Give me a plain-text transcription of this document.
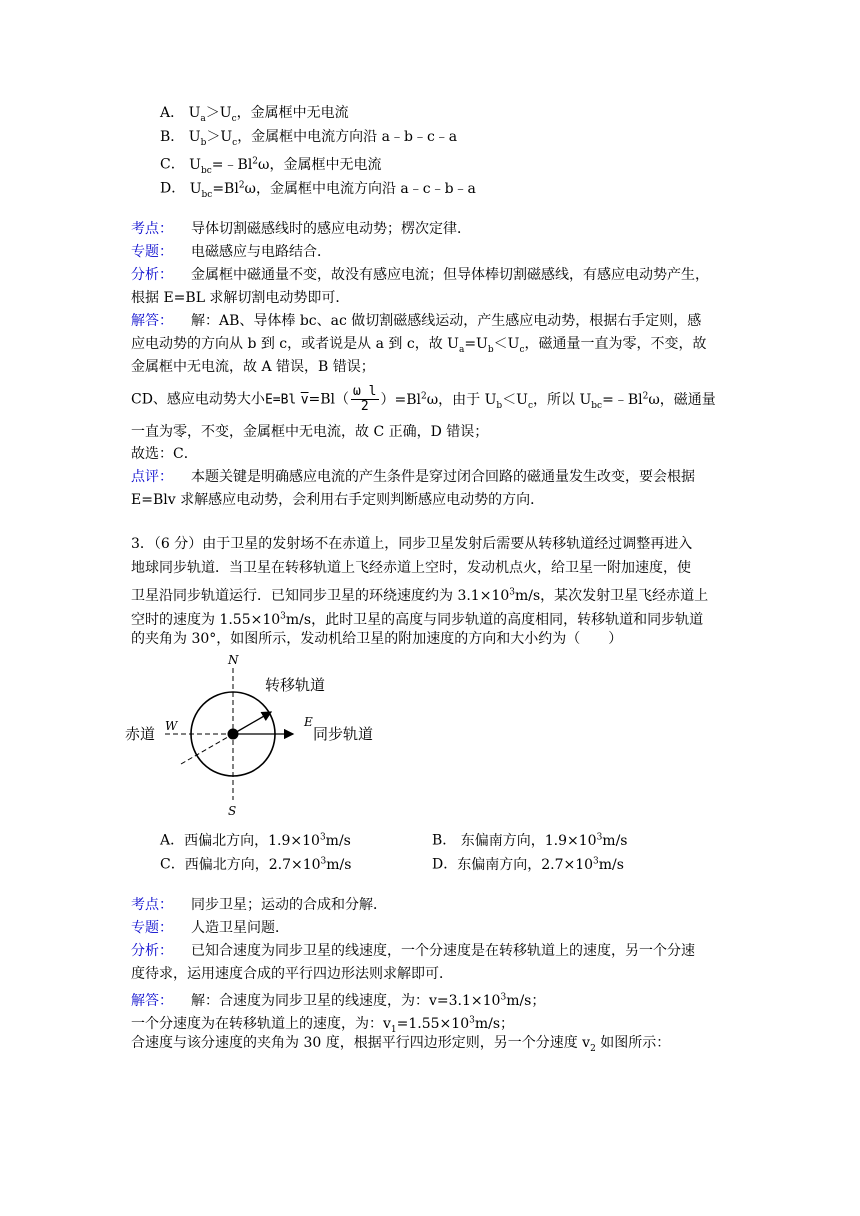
A． $U_a>U_c$，金属框中无电流
B． $U_b>U_c$，金属框中电流方向沿 a﹣b﹣c﹣a
C． $U_{bc}=﹣Bl^2\omega$，金属框中无电流
D． $U_{bc}=Bl^2\omega$，金属框中电流方向沿 a﹣c﹣b﹣a
考点： 导体切割磁感线时的感应电动势；楞次定律．
专题： 电磁感应与电路结合．
分析： 金属框中磁通量不变，故没有感应电流；但导体棒切割磁感线，有感应电动势产生，
根据 E=BL 求解切割电动势即可．
解答： 解：AB、导体棒 bc、ac 做切割磁感线运动，产生感应电动势，根据右手定则，感
应电动势的方向从 b 到 c，或者说是从 a 到 c，故 $U_a=U_b<U_c$，磁通量一直为零，不变，故
金属框中无电流，故 A 错误，B 错误；
CD、感应电动势大小E=Bl $\overline{v}=Bl( \frac{\text{ω l}}{2} )=Bl^2\omega$，由于 $U_b<U_c$，所以 $U_{bc}=﹣Bl^2\omega$，磁通量
一直为零，不变，金属框中无电流，故 C 正确，D 错误；
故选：C．
点评： 本题关键是明确感应电流的产生条件是穿过闭合回路的磁通量发生改变，要会根据
E=Blv 求解感应电动势，会利用右手定则判断感应电动势的方向．
3．（6 分）由于卫星的发射场不在赤道上，同步卫星发射后需要从转移轨道经过调整再进入
地球同步轨道．当卫星在转移轨道上飞经赤道上空时，发动机点火，给卫星一附加速度，使
卫星沿同步轨道运行．已知同步卫星的环绕速度约为 $3.1\times 10^3m/s$，某次发射卫星飞经赤道上
空时的速度为 $1.55\times 10^3m/s$，此时卫星的高度与同步轨道的高度相同，转移轨道和同步轨道
的夹角为 30°，如图所示，发动机给卫星的附加速度的方向和大小约为（　　）
N
S
W	E
转移轨道
赤道	同步轨道
A．西偏北方向，$1.9\times 10^3m/s$	B． 东偏南方向，$1.9\times 10^3m/s$
C．西偏北方向，$2.7\times 10^3m/s$	D．东偏南方向，$2.7\times 10^3m/s$
考点： 同步卫星；运动的合成和分解．
专题： 人造卫星问题．
分析： 已知合速度为同步卫星的线速度，一个分速度是在转移轨道上的速度，另一个分速
度待求，运用速度合成的平行四边形法则求解即可．
解答： 解：合速度为同步卫星的线速度，为：$v=3.1\times 10^3m/s$；
一个分速度为在转移轨道上的速度，为：$v_1=1.55\times 10^3m/s$；
合速度与该分速度的夹角为 30 度，根据平行四边形定则，另一个分速度 $v_2$ 如图所示：
